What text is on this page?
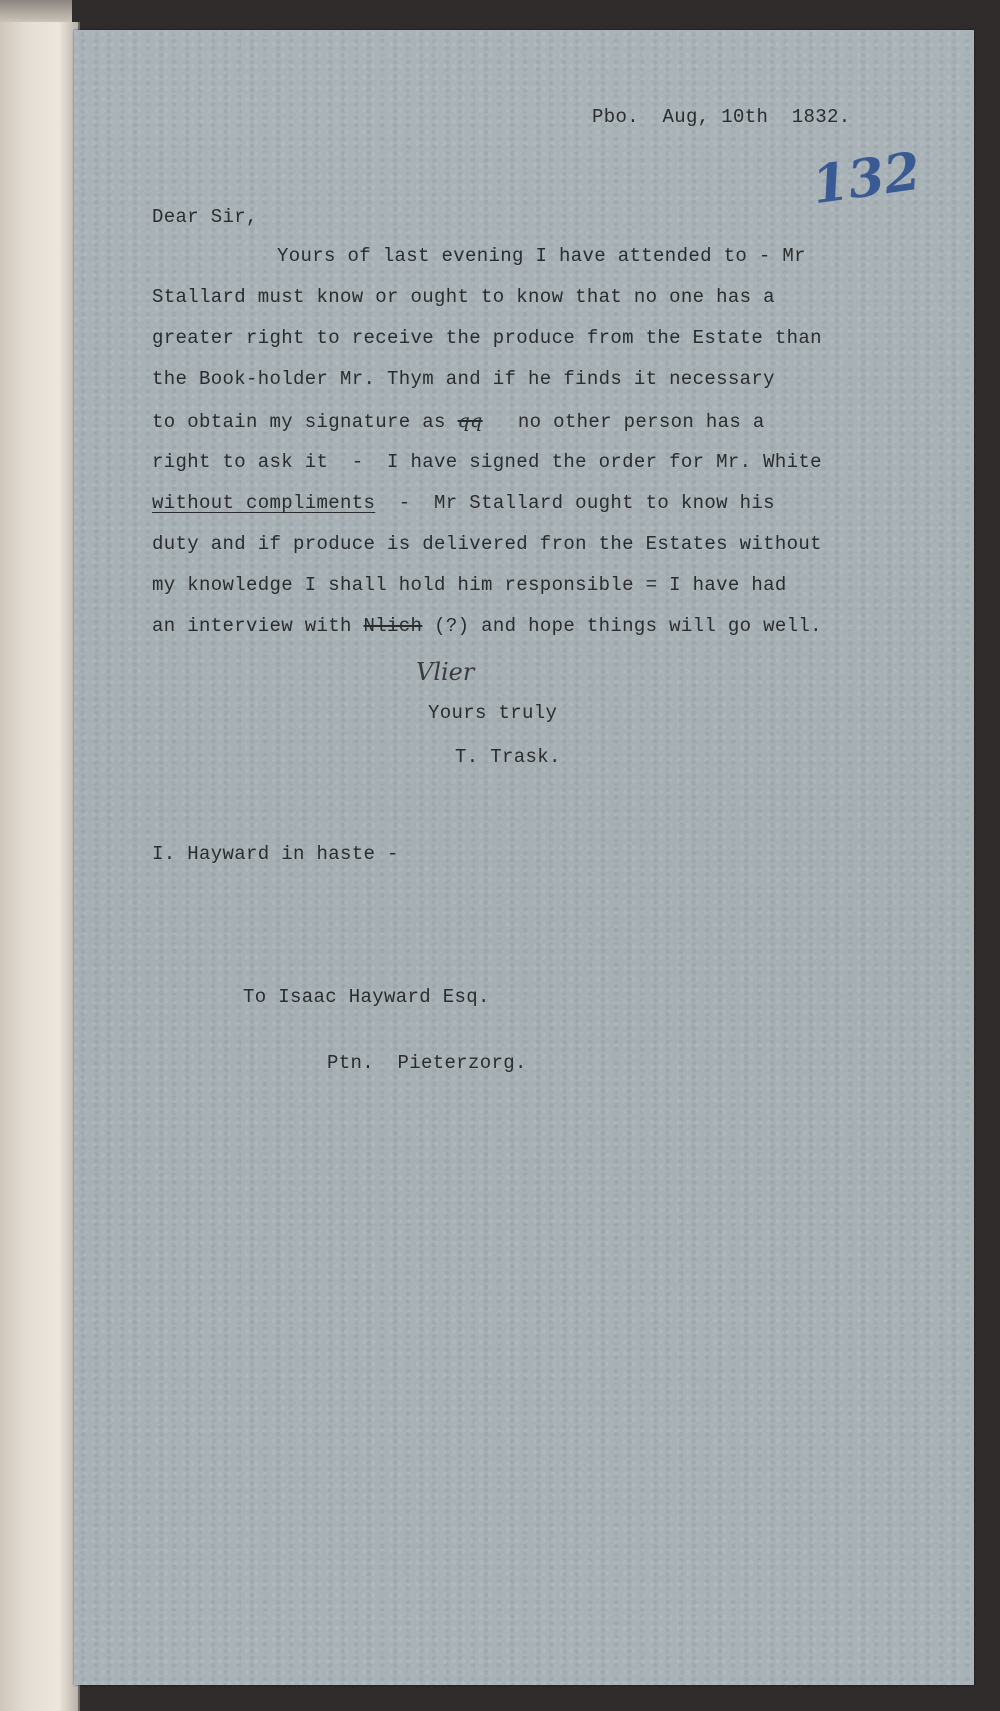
Pbo.  Aug, 10th  1832.

132

Dear Sir,

Yours of last evening I have attended to - Mr

Stallard must know or ought to know that no one has a

greater right to receive the produce from the Estate than

the Book-holder Mr. Thym and if he finds it necessary

to obtain my signature as qq   no other person has a

right to ask it  -  I have signed the order for Mr. White

without compliments  -  Mr Stallard ought to know his

duty and if produce is delivered fron the Estates without

my knowledge I shall hold him responsible = I have had

an interview with Nlich (?) and hope things will go well.

Vlier

Yours truly

T. Trask.

I. Hayward in haste -

To Isaac Hayward Esq.

Ptn.  Pieterzorg.
